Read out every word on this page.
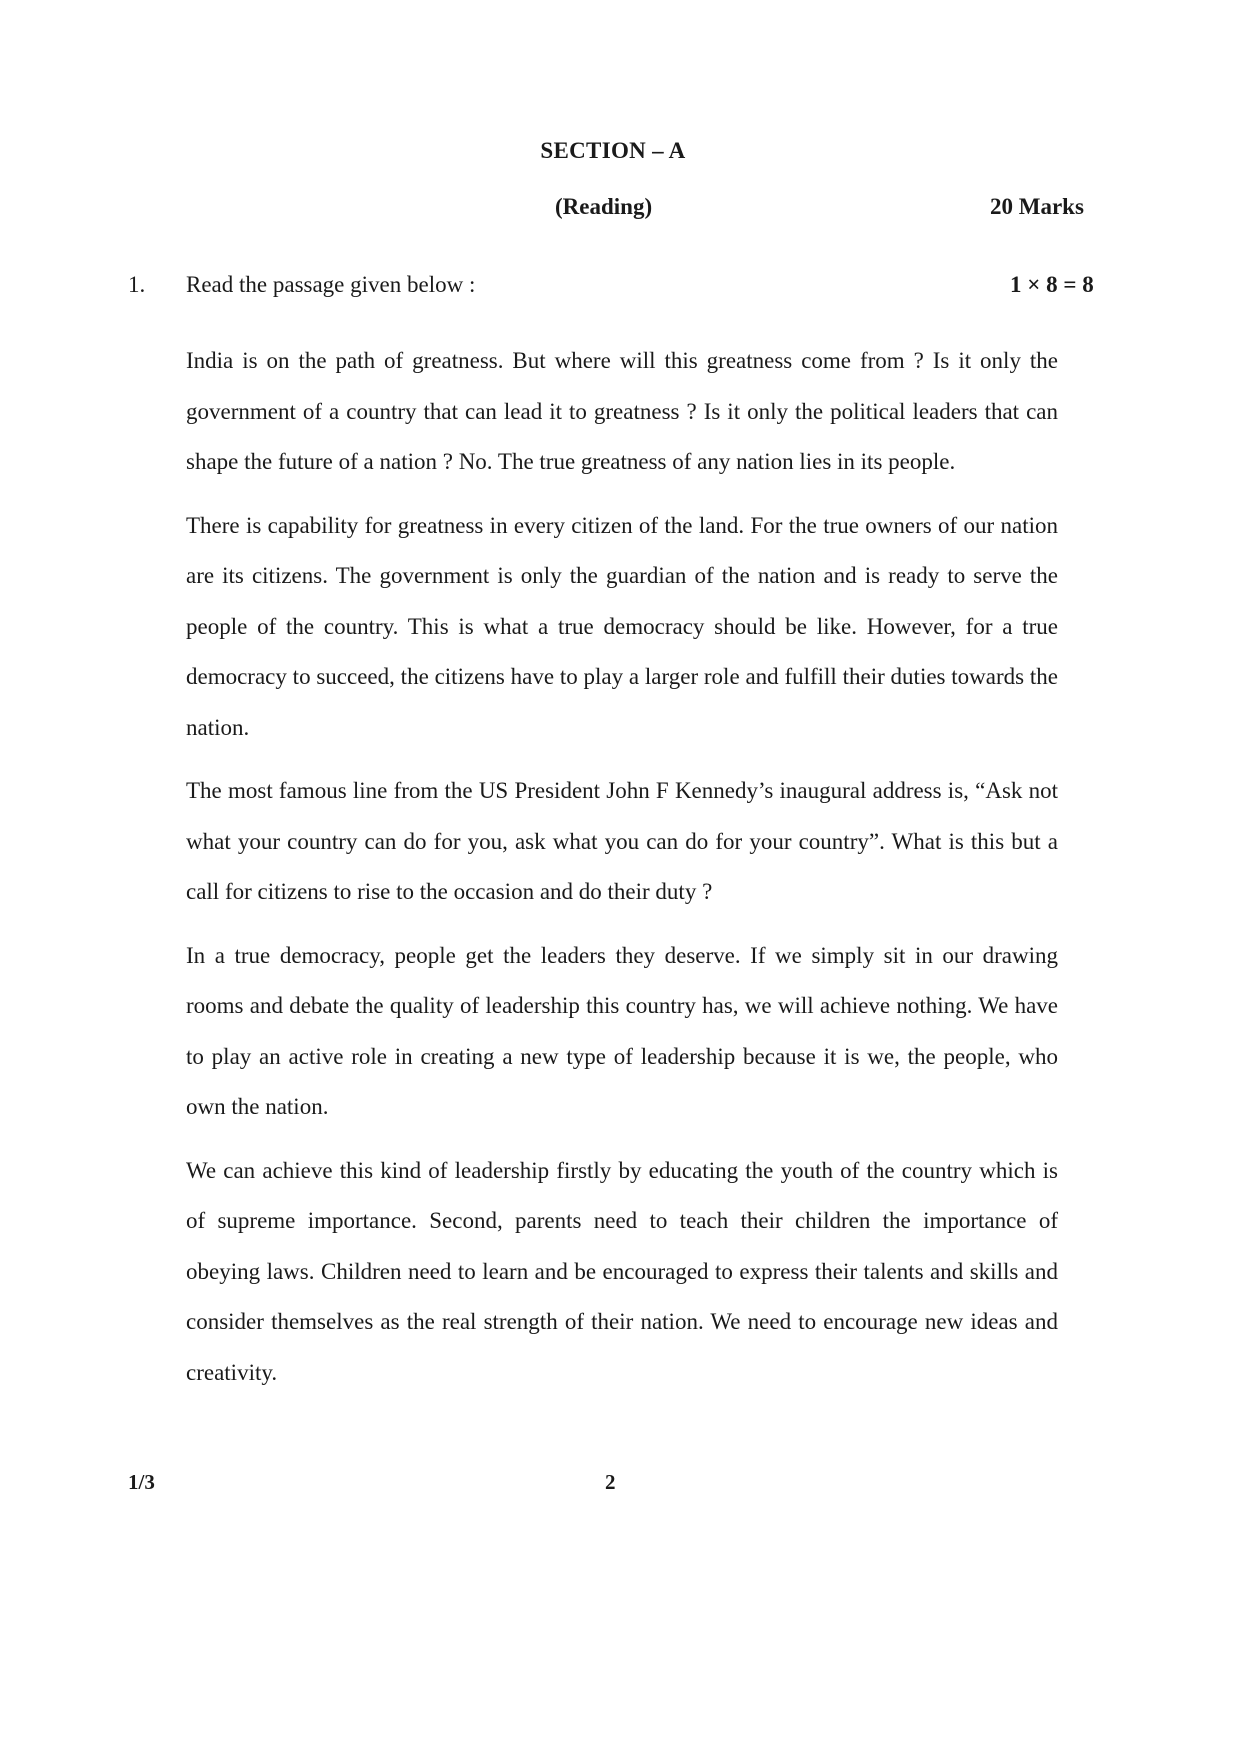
SECTION – A
(Reading)	20 Marks
1. Read the passage given below :	1 × 8 = 8

India is on the path of greatness. But where will this greatness come from ? Is it only the government of a country that can lead it to greatness ? Is it only the political leaders that can shape the future of a nation ? No. The true greatness of any nation lies in its people.

There is capability for greatness in every citizen of the land. For the true owners of our nation are its citizens. The government is only the guardian of the nation and is ready to serve the people of the country. This is what a true democracy should be like. However, for a true democracy to succeed, the citizens have to play a larger role and fulfill their duties towards the nation.

The most famous line from the US President John F Kennedy’s inaugural address is, “Ask not what your country can do for you, ask what you can do for your country”. What is this but a call for citizens to rise to the occasion and do their duty ?

In a true democracy, people get the leaders they deserve. If we simply sit in our drawing rooms and debate the quality of leadership this country has, we will achieve nothing. We have to play an active role in creating a new type of leadership because it is we, the people, who own the nation.

We can achieve this kind of leadership firstly by educating the youth of the country which is of supreme importance. Second, parents need to teach their children the importance of obeying laws. Children need to learn and be encouraged to express their talents and skills and consider themselves as the real strength of their nation. We need to encourage new ideas and creativity.

1/3	2
